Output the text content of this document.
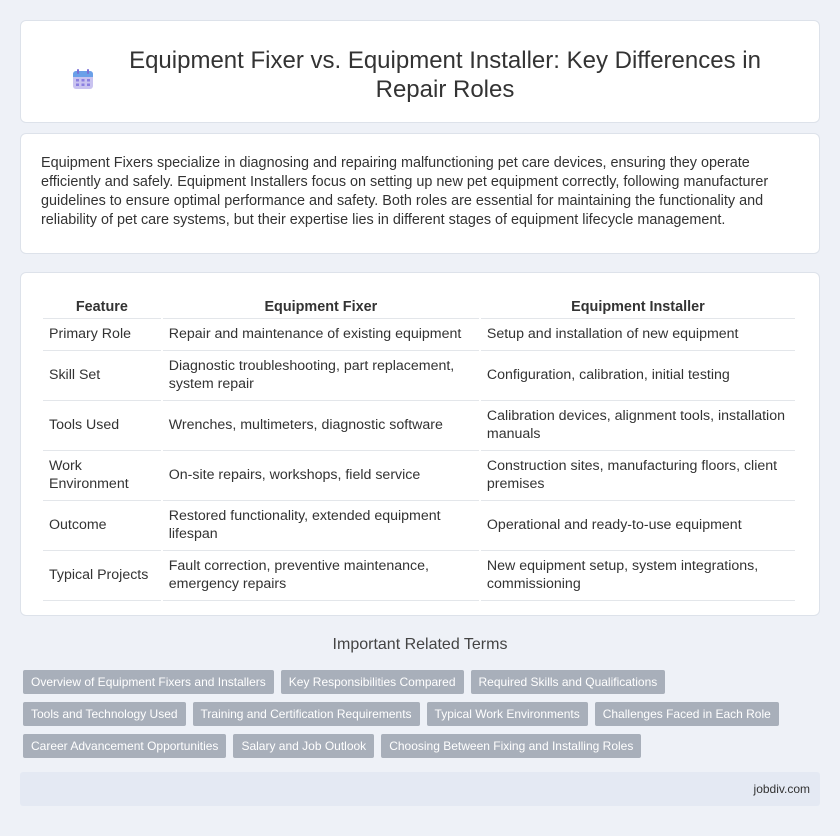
Equipment Fixer vs. Equipment Installer: Key Differences in Repair Roles

Equipment Fixers specialize in diagnosing and repairing malfunctioning pet care devices, ensuring they operate efficiently and safely. Equipment Installers focus on setting up new pet equipment correctly, following manufacturer guidelines to ensure optimal performance and safety. Both roles are essential for maintaining the functionality and reliability of pet care systems, but their expertise lies in different stages of equipment lifecycle management.

Feature	Equipment Fixer	Equipment Installer
Primary Role	Repair and maintenance of existing equipment	Setup and installation of new equipment
Skill Set	Diagnostic troubleshooting, part replacement, system repair	Configuration, calibration, initial testing
Tools Used	Wrenches, multimeters, diagnostic software	Calibration devices, alignment tools, installation manuals
Work Environment	On-site repairs, workshops, field service	Construction sites, manufacturing floors, client premises
Outcome	Restored functionality, extended equipment lifespan	Operational and ready-to-use equipment
Typical Projects	Fault correction, preventive maintenance, emergency repairs	New equipment setup, system integrations, commissioning
Important Related Terms
Overview of Equipment Fixers and Installers	Key Responsibilities Compared	Required Skills and Qualifications
Tools and Technology Used	Training and Certification Requirements	Typical Work Environments	Challenges Faced in Each Role
Career Advancement Opportunities	Salary and Job Outlook	Choosing Between Fixing and Installing Roles
jobdiv.com
